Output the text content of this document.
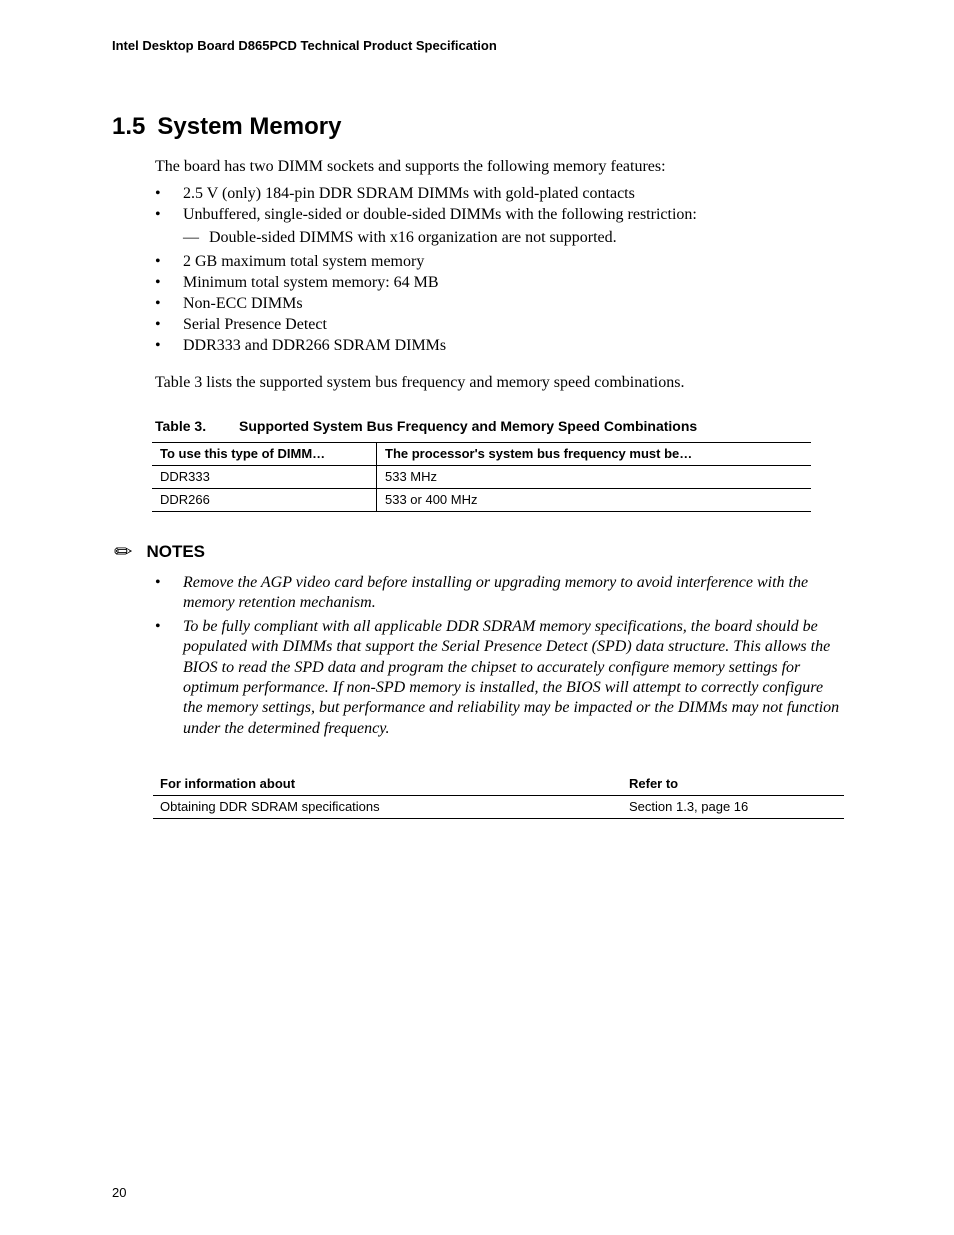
Intel Desktop Board D865PCD Technical Product Specification
1.5 System Memory

The board has two DIMM sockets and supports the following memory features:

• 2.5 V (only) 184-pin DDR SDRAM DIMMs with gold-plated contacts
• Unbuffered, single-sided or double-sided DIMMs with the following restriction:
— Double-sided DIMMS with x16 organization are not supported.
• 2 GB maximum total system memory
• Minimum total system memory: 64 MB
• Non-ECC DIMMs
• Serial Presence Detect
• DDR333 and DDR266 SDRAM DIMMs

Table 3 lists the supported system bus frequency and memory speed combinations.

Table 3. Supported System Bus Frequency and Memory Speed Combinations
To use this type of DIMM…	The processor's system bus frequency must be…
DDR333	533 MHz
DDR266	533 or 400 MHz
✏ NOTES
• Remove the AGP video card before installing or upgrading memory to avoid interference with the memory retention mechanism.
• To be fully compliant with all applicable DDR SDRAM memory specifications, the board should be populated with DIMMs that support the Serial Presence Detect (SPD) data structure. This allows the BIOS to read the SPD data and program the chipset to accurately configure memory settings for optimum performance. If non-SPD memory is installed, the BIOS will attempt to correctly configure the memory settings, but performance and reliability may be impacted or the DIMMs may not function under the determined frequency.
For information about	Refer to
Obtaining DDR SDRAM specifications	Section 1.3, page 16
20
